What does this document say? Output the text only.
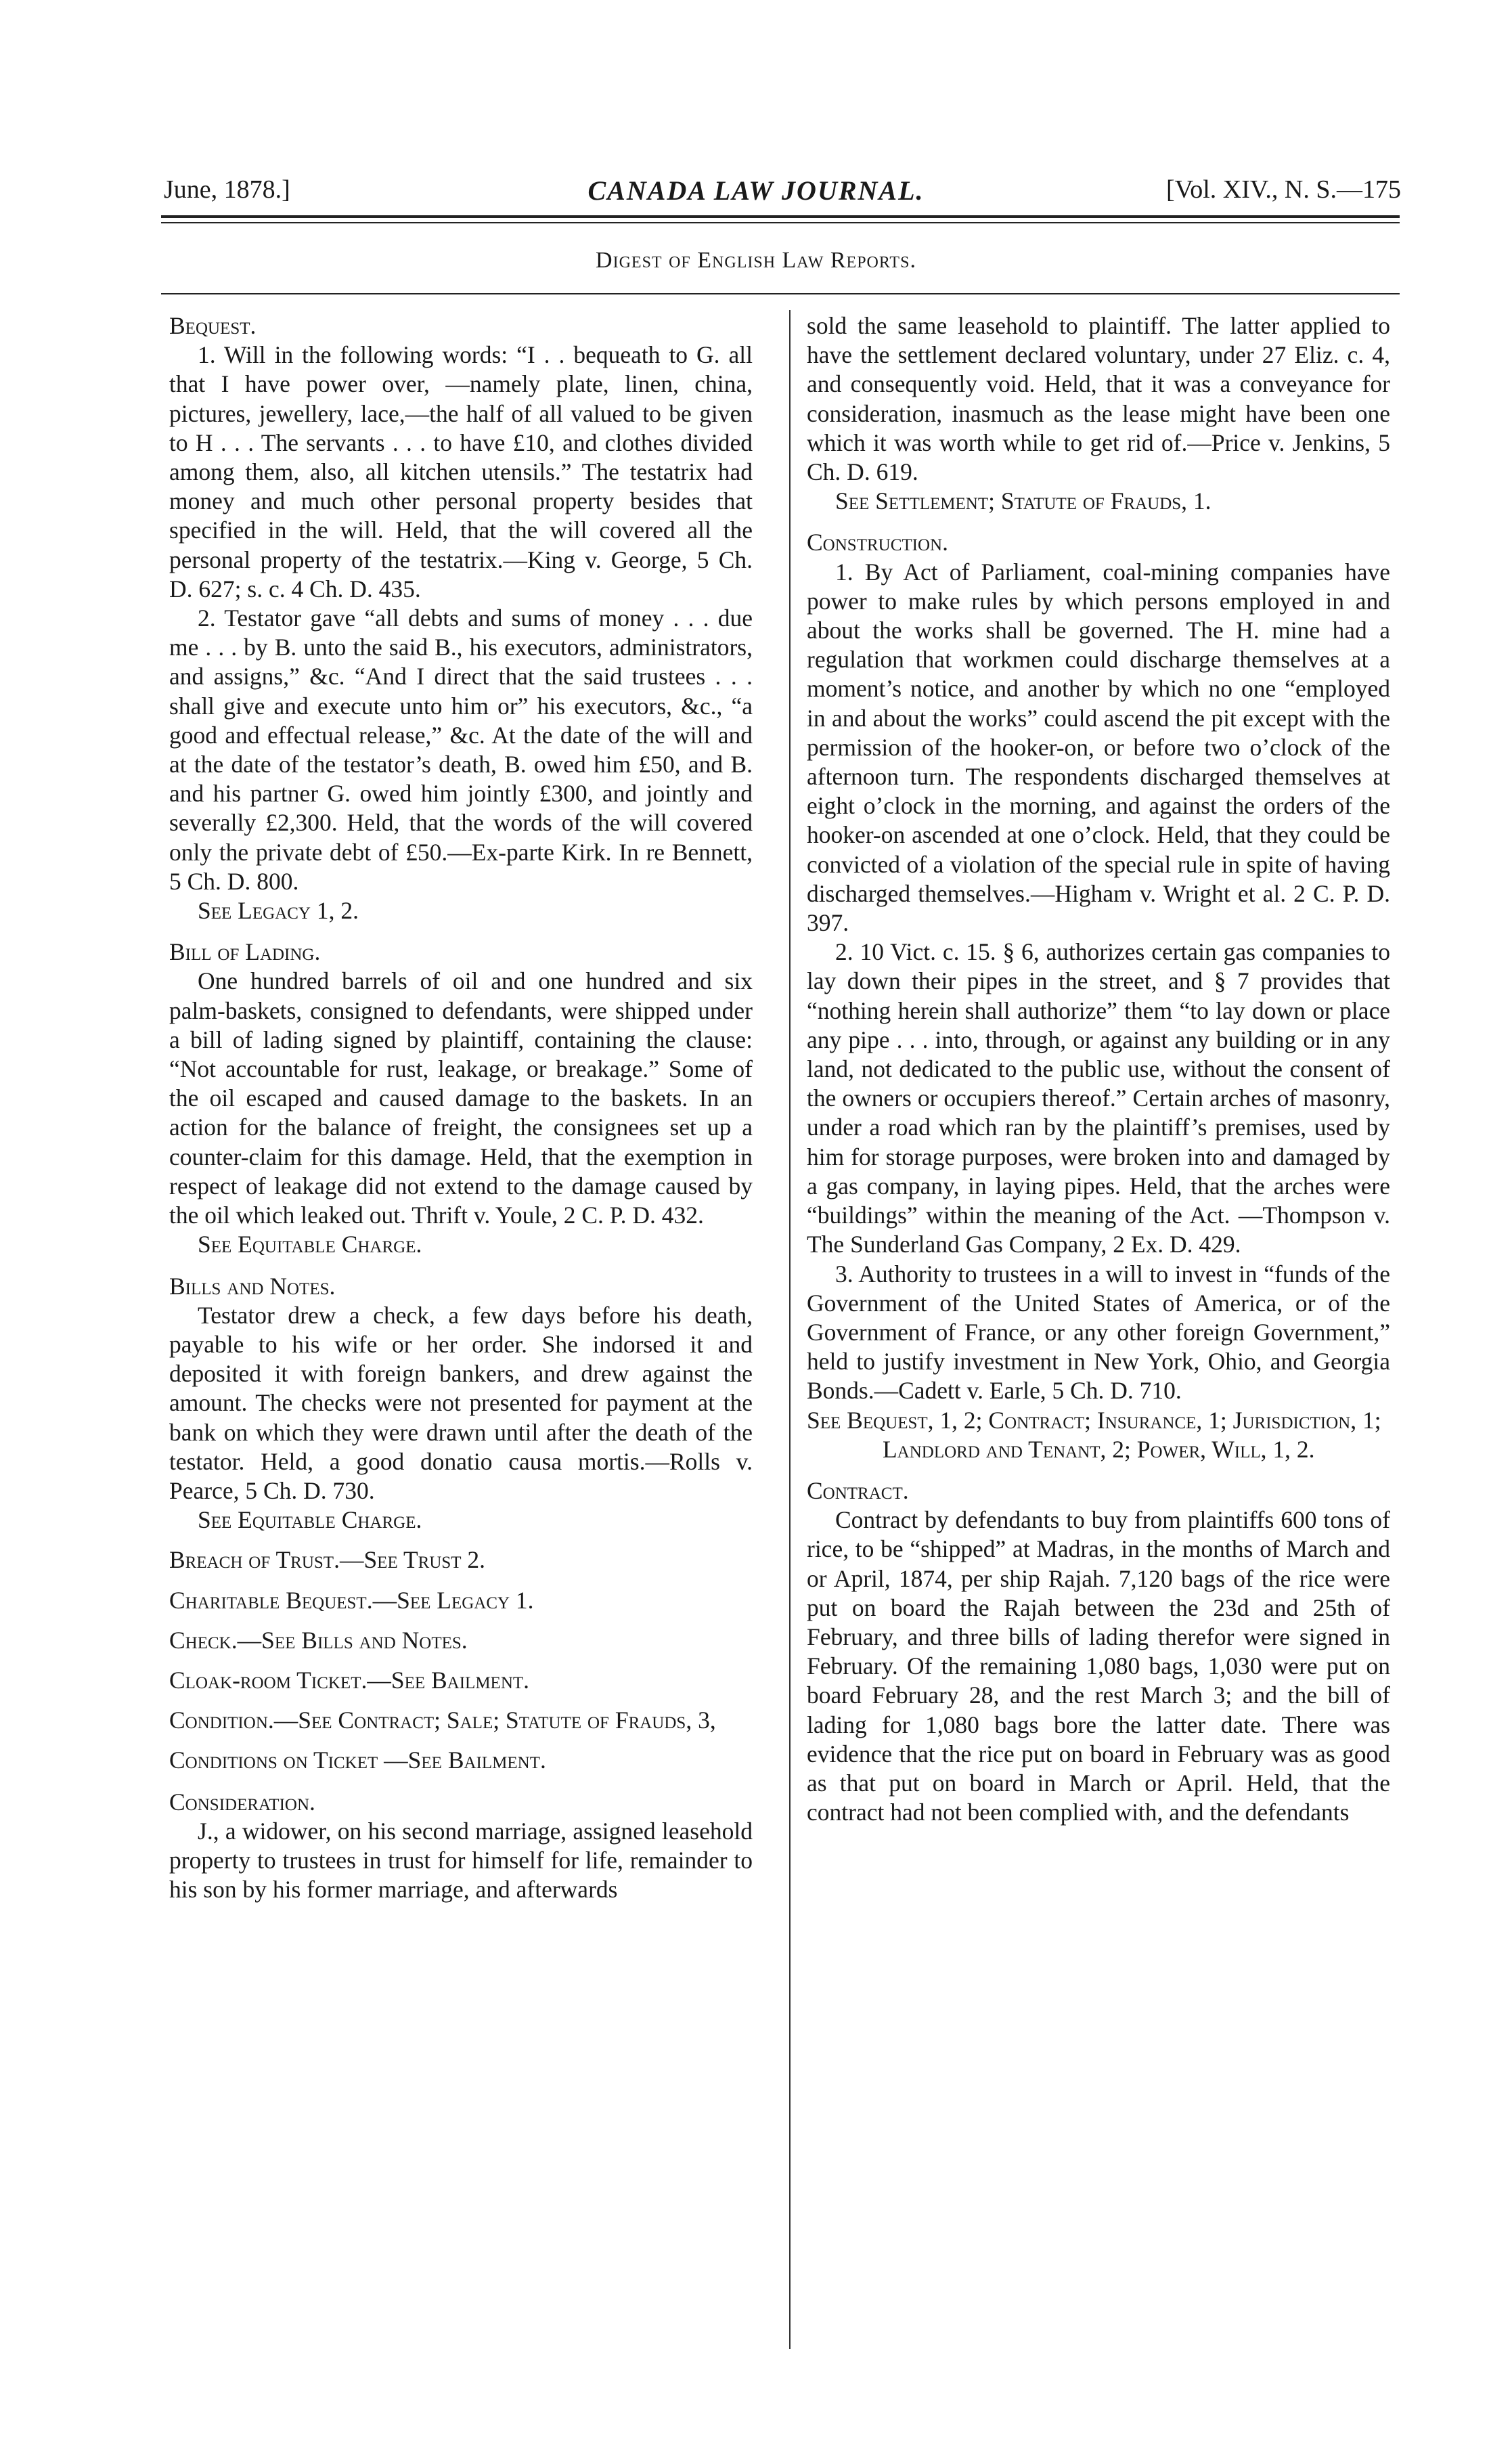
June, 1878.]	CANADA LAW JOURNAL.	[Vol. XIV., N. S.—175
Digest of English Law Reports.
Bequest.

1. Will in the following words: “I . . bequeath to G. all that I have power over, —namely plate, linen, china, pictures, jewellery, lace,—the half of all valued to be given to H . . . The servants . . . to have £10, and clothes divided among them, also, all kitchen utensils.” The testatrix had money and much other personal property besides that specified in the will. Held, that the will covered all the personal property of the testatrix.—King v. George, 5 Ch. D. 627; s. c. 4 Ch. D. 435.

2. Testator gave “all debts and sums of money . . . due me . . . by B. unto the said B., his executors, administrators, and assigns,” &c. “And I direct that the said trustees . . . shall give and execute unto him or” his executors, &c., “a good and effectual release,” &c. At the date of the will and at the date of the testator’s death, B. owed him £50, and B. and his partner G. owed him jointly £300, and jointly and severally £2,300. Held, that the words of the will covered only the private debt of £50.—Ex-parte Kirk. In re Bennett, 5 Ch. D. 800.

See Legacy 1, 2.

Bill of Lading.

One hundred barrels of oil and one hundred and six palm-baskets, consigned to defendants, were shipped under a bill of lading signed by plaintiff, containing the clause: “Not accountable for rust, leakage, or breakage.” Some of the oil escaped and caused damage to the baskets. In an action for the balance of freight, the consignees set up a counter-claim for this damage. Held, that the exemption in respect of leakage did not extend to the damage caused by the oil which leaked out. Thrift v. Youle, 2 C. P. D. 432.

See Equitable Charge.

Bills and Notes.

Testator drew a check, a few days before his death, payable to his wife or her order. She indorsed it and deposited it with foreign bankers, and drew against the amount. The checks were not presented for payment at the bank on which they were drawn until after the death of the testator. Held, a good donatio causa mortis.—Rolls v. Pearce, 5 Ch. D. 730.

See Equitable Charge.

Breach of Trust.—See Trust 2.
Charitable Bequest.—See Legacy 1.
Check.—See Bills and Notes.
Cloak-room Ticket.—See Bailment.
Condition.—See Contract; Sale; Statute of Frauds, 3,
Conditions on Ticket —See Bailment.
Consideration.

J., a widower, on his second marriage, assigned leasehold property to trustees in trust for himself for life, remainder to his son by his former marriage, and afterwards

sold the same leasehold to plaintiff. The latter applied to have the settlement declared voluntary, under 27 Eliz. c. 4, and consequently void. Held, that it was a conveyance for consideration, inasmuch as the lease might have been one which it was worth while to get rid of.—Price v. Jenkins, 5 Ch. D. 619.

See Settlement; Statute of Frauds, 1.

Construction.

1. By Act of Parliament, coal-mining companies have power to make rules by which persons employed in and about the works shall be governed. The H. mine had a regulation that workmen could discharge themselves at a moment’s notice, and another by which no one “employed in and about the works” could ascend the pit except with the permission of the hooker-on, or before two o’clock of the afternoon turn. The respondents discharged themselves at eight o’clock in the morning, and against the orders of the hooker-on ascended at one o’clock. Held, that they could be convicted of a violation of the special rule in spite of having discharged themselves.—Higham v. Wright et al. 2 C. P. D. 397.

2. 10 Vict. c. 15. § 6, authorizes certain gas companies to lay down their pipes in the street, and § 7 provides that “nothing herein shall authorize” them “to lay down or place any pipe . . . into, through, or against any building or in any land, not dedicated to the public use, without the consent of the owners or occupiers thereof.” Certain arches of masonry, under a road which ran by the plaintiff’s premises, used by him for storage purposes, were broken into and damaged by a gas company, in laying pipes. Held, that the arches were “buildings” within the meaning of the Act. —Thompson v. The Sunderland Gas Company, 2 Ex. D. 429.

3. Authority to trustees in a will to invest in “funds of the Government of the United States of America, or of the Government of France, or any other foreign Government,” held to justify investment in New York, Ohio, and Georgia Bonds.—Cadett v. Earle, 5 Ch. D. 710.

See Bequest, 1, 2; Contract; Insurance, 1; Jurisdiction, 1; Landlord and Tenant, 2; Power, Will, 1, 2.

Contract.

Contract by defendants to buy from plaintiffs 600 tons of rice, to be “shipped” at Madras, in the months of March and or April, 1874, per ship Rajah. 7,120 bags of the rice were put on board the Rajah between the 23d and 25th of February, and three bills of lading therefor were signed in February. Of the remaining 1,080 bags, 1,030 were put on board February 28, and the rest March 3; and the bill of lading for 1,080 bags bore the latter date. There was evidence that the rice put on board in February was as good as that put on board in March or April. Held, that the contract had not been complied with, and the defendants
